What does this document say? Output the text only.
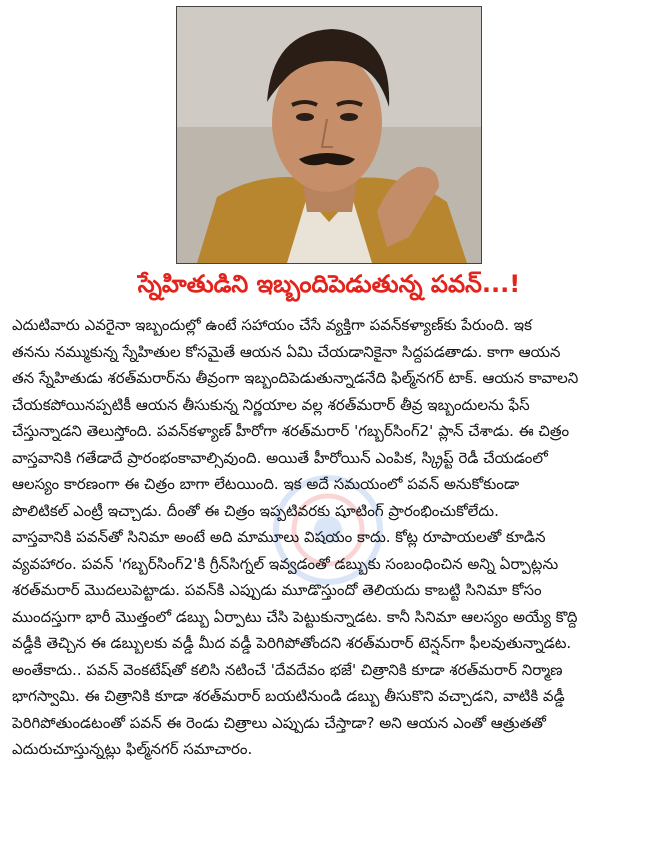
స్నేహితుడిని ఇబ్బందిపెడుతున్న పవన్...!
ఎదుటివారు ఎవరైనా ఇబ్బందుల్లో ఉంటే సహాయం చేసే వ్యక్తిగా పవన్‌కళ్యాణ్‌కు పేరుంది. ఇక
తనను నమ్ముకున్న స్నేహితుల కోసమైతే ఆయన ఏమి చేయడానికైనా సిద్దపడతాడు. కాగా ఆయన
తన స్నేహితుడు శరత్‌మరార్‌ను తీవ్రంగా ఇబ్బందిపెడుతున్నాడనేది ఫిల్మ్‌నగర్ టాక్. ఆయన కావాలని
చేయకపోయినప్పటికీ ఆయన తీసుకున్న నిర్ణయాల వల్ల శరత్‌మరార్ తీవ్ర ఇబ్బందులను ఫేస్
చేస్తున్నాడని తెలుస్తోంది. పవన్‌కళ్యాణ్ హీరోగా శరత్‌మరార్ 'గబ్బర్‌సింగ్2' ప్లాన్ చేశాడు. ఈ చిత్రం
వాస్తవానికి గతేడాదే ప్రారంభంకావాల్సివుంది. అయితే హీరోయిన్ ఎంపిక, స్క్రిప్ట్ రెడీ చేయడంలో
ఆలస్యం కారణంగా ఈ చిత్రం బాగా లేటయింది. ఇక అదే సమయంలో పవన్ అనుకోకుండా
పొలిటికల్ ఎంట్రీ ఇచ్చాడు. దీంతో ఈ చిత్రం ఇప్పటివరకు షూటింగ్ ప్రారంభించుకోలేదు.
వాస్తవానికి పవన్‌తో సినిమా అంటే అది మామూలు విషయం కాదు. కోట్ల రూపాయలతో కూడిన
వ్యవహారం. పవన్ 'గబ్బర్‌సింగ్2'కి గ్రీన్‌సిగ్నల్ ఇవ్వడంతో డబ్బుకు సంబంధించిన అన్ని ఏర్పాట్లను
శరత్‌మరార్ మొదలుపెట్టాడు. పవన్‌కి ఎప్పుడు మూడొస్తుందో తెలియదు కాబట్టి సినిమా కోసం
ముందస్తుగా భారీ మొత్తంలో డబ్బు ఏర్పాటు చేసి పెట్టుకున్నాడట. కానీ సినిమా ఆలస్యం అయ్యే కొద్ది
వడ్డీకి తెచ్చిన ఈ డబ్బులకు వడ్డీ మీద వడ్డీ పెరిగిపోతోందని శరత్‌మరార్ టెన్షన్‌గా ఫీలవుతున్నాడట.
అంతేకాదు.. పవన్ వెంకటేష్‌తో కలిసి నటించే 'దేవదేవం భజే' చిత్రానికి కూడా శరత్‌మరార్ నిర్మాణ
భాగస్వామి. ఈ చిత్రానికి కూడా శరత్‌మరార్ బయటినుండి డబ్బు తీసుకొని వచ్చాడని, వాటికి వడ్డీ
పెరిగిపోతుండటంతో పవన్ ఈ రెండు చిత్రాలు ఎప్పుడు చేస్తాడా? అని ఆయన ఎంతో ఆత్రుతతో
ఎదురుచూస్తున్నట్లు ఫిల్మ్‌నగర్ సమాచారం.
